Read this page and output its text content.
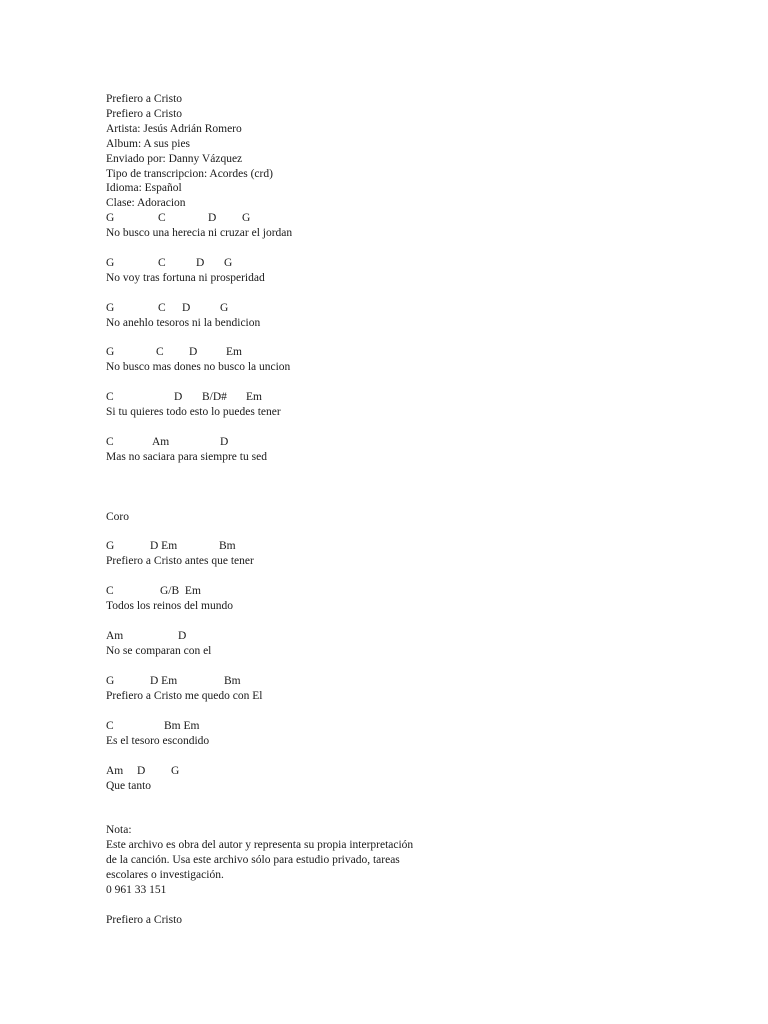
Prefiero a Cristo
Prefiero a Cristo
Artista: Jesús Adrián Romero
Album: A sus pies
Enviado por: Danny Vázquez
Tipo de transcripcion: Acordes (crd)
Idioma: Español
Clase: Adoracion
G	C	D G
No busco una herecia ni cruzar el jordan
G	C	D G
No voy tras fortuna ni prosperidad
G	C D	G
No anehlo tesoros ni la bendicion
G	C D Em
No busco mas dones no busco la uncion
C	D B/D# Em
Si tu quieres todo esto lo puedes tener
C	Am	D
Mas no saciara para siempre tu sed
Coro
G	D Em	Bm
Prefiero a Cristo antes que tener
C	G/B  Em
Todos los reinos del mundo
Am	D
No se comparan con el
G	D Em	Bm
Prefiero a Cristo me quedo con El
C	Bm Em
Es el tesoro escondido
Am D G
Que tanto
Nota:
Este archivo es obra del autor y representa su propia interpretación
de la canción. Usa este archivo sólo para estudio privado, tareas
escolares o investigación.
0 961 33 151
Prefiero a Cristo
